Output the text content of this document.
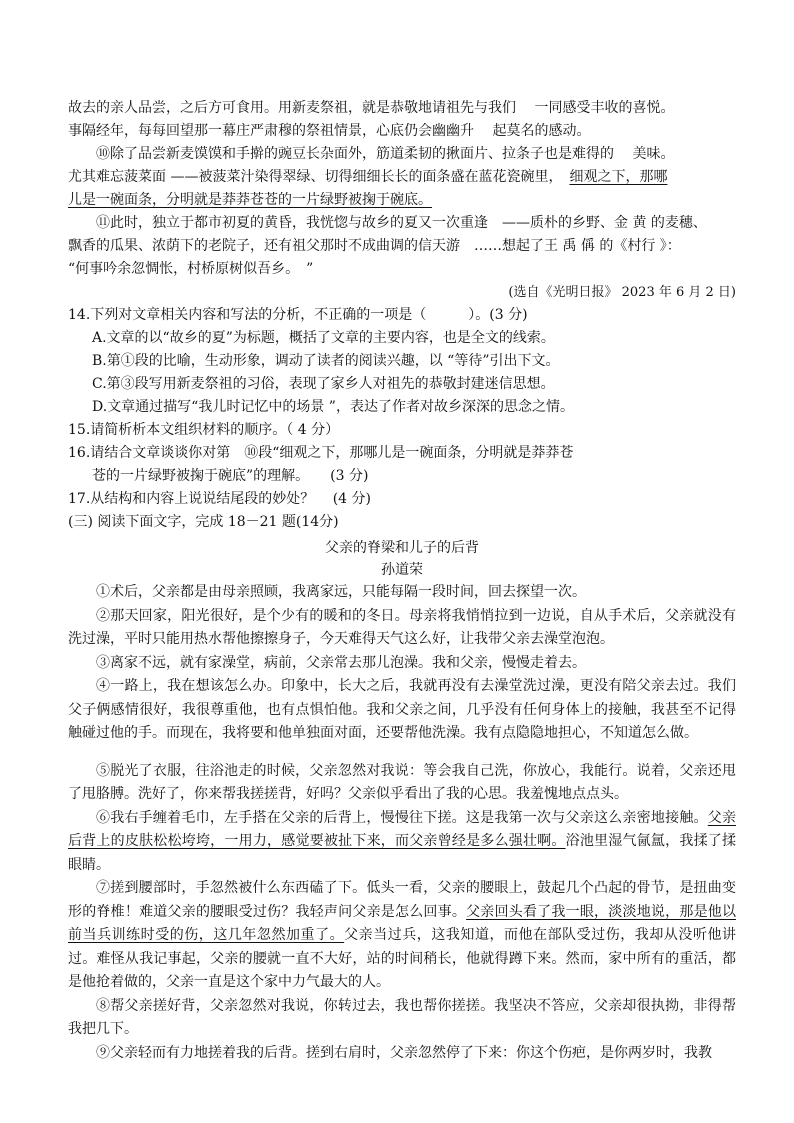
故去的亲人品尝，之后方可食用。用新麦祭祖，就是恭敬地请祖先与我们　 一同感受丰收的喜悦。
事隔经年，每每回望那一幕庄严肃穆的祭祖情景，心底仍会幽幽升　 起莫名的感动。
⑩除了品尝新麦馍馍和手擀的豌豆长杂面外，筋道柔韧的揪面片、拉条子也是难得的　 美味。
尤其难忘菠菜面 ——被菠菜汁染得翠绿、切得细细长长的面条盛在蓝花瓷碗里，　细观之下，那哪
儿是一碗面条，分明就是莽莽苍苍的一片绿野被掬于碗底。
⑪此时，独立于都市初夏的黄昏，我恍惚与故乡的夏又一次重逢　——质朴的乡野、金 黄 的麦穗、
飘香的瓜果、浓荫下的老院子，还有祖父那时不成曲调的信天游　……想起了王 禹 偁 的《村行 》：
“何事吟余忽惆怅，村桥原树似吾乡。　”
(选自《光明日报》 2023 年 6 月 2 日)
14.下列对文章相关内容和写法的分析，不正确的一项是（　　　）。(3 分)
A.文章的以“故乡的夏”为标题，概括了文章的主要内容，也是全文的线索。
B.第①段的比喻，生动形象，调动了读者的阅读兴趣，以 “等待”引出下文。
C.第③段写用新麦祭祖的习俗，表现了家乡人对祖先的恭敬封建迷信思想。
D.文章通过描写“我儿时记忆中的场景 ”，表达了作者对故乡深深的思念之情。
15.请简析析本文组织材料的顺序。（ 4 分）
16.请结合文章谈谈你对第　⑩段“细观之下，那哪儿是一碗面条，分明就是莽莽苍
苍的一片绿野被掬于碗底”的理解。　　(3 分)
17.从结构和内容上说说结尾段的妙处？　 (4 分)
(三) 阅读下面文字，完成 18－21 题(14分)
父亲的脊梁和儿子的后背
孙道荣
①术后，父亲都是由母亲照顾，我离家远，只能每隔一段时间，回去探望一次。
②那天回家，阳光很好，是个少有的暖和的冬日。母亲将我悄悄拉到一边说，自从手术后，父亲就没有洗过澡，平时只能用热水帮他擦擦身子，今天难得天气这么好，让我带父亲去澡堂泡泡。
③离家不远，就有家澡堂，病前，父亲常去那儿泡澡。我和父亲，慢慢走着去。
④一路上，我在想该怎么办。印象中，长大之后，我就再没有去澡堂洗过澡，更没有陪父亲去过。我们父子俩感情很好，我很尊重他，也有点惧怕他。我和父亲之间，几乎没有任何身体上的接触，我甚至不记得触碰过他的手。而现在，我将要和他单独面对面，还要帮他洗澡。我有点隐隐地担心，不知道怎么做。
⑤脱光了衣服，往浴池走的时候，父亲忽然对我说：等会我自己洗，你放心，我能行。说着，父亲还甩了甩胳膊。洗好了，你来帮我搓搓背，好吗？父亲似乎看出了我的心思。我羞愧地点点头。
⑥我右手缠着毛巾，左手搭在父亲的后背上，慢慢往下搓。这是我第一次与父亲这么亲密地接触。父亲后背上的皮肤松松垮垮，一用力，感觉要被扯下来，而父亲曾经是多么强壮啊。浴池里湿气氤氲，我揉了揉眼睛。
⑦搓到腰部时，手忽然被什么东西磕了下。低头一看，父亲的腰眼上，鼓起几个凸起的骨节，是扭曲变形的脊椎！难道父亲的腰眼受过伤？我轻声问父亲是怎么回事。父亲回头看了我一眼，淡淡地说，那是他以前当兵训练时受的伤，这几年忽然加重了。父亲当过兵，这我知道，而他在部队受过伤，我却从没听他讲过。难怪从我记事起，父亲的腰就一直不大好，站的时间稍长，他就得蹲下来。然而，家中所有的重活，都是他抢着做的，父亲一直是这个家中力气最大的人。
⑧帮父亲搓好背，父亲忽然对我说，你转过去，我也帮你搓搓。我坚决不答应，父亲却很执拗，非得帮我把几下。
⑨父亲轻而有力地搓着我的后背。搓到右肩时，父亲忽然停了下来：你这个伤疤，是你两岁时，我教
